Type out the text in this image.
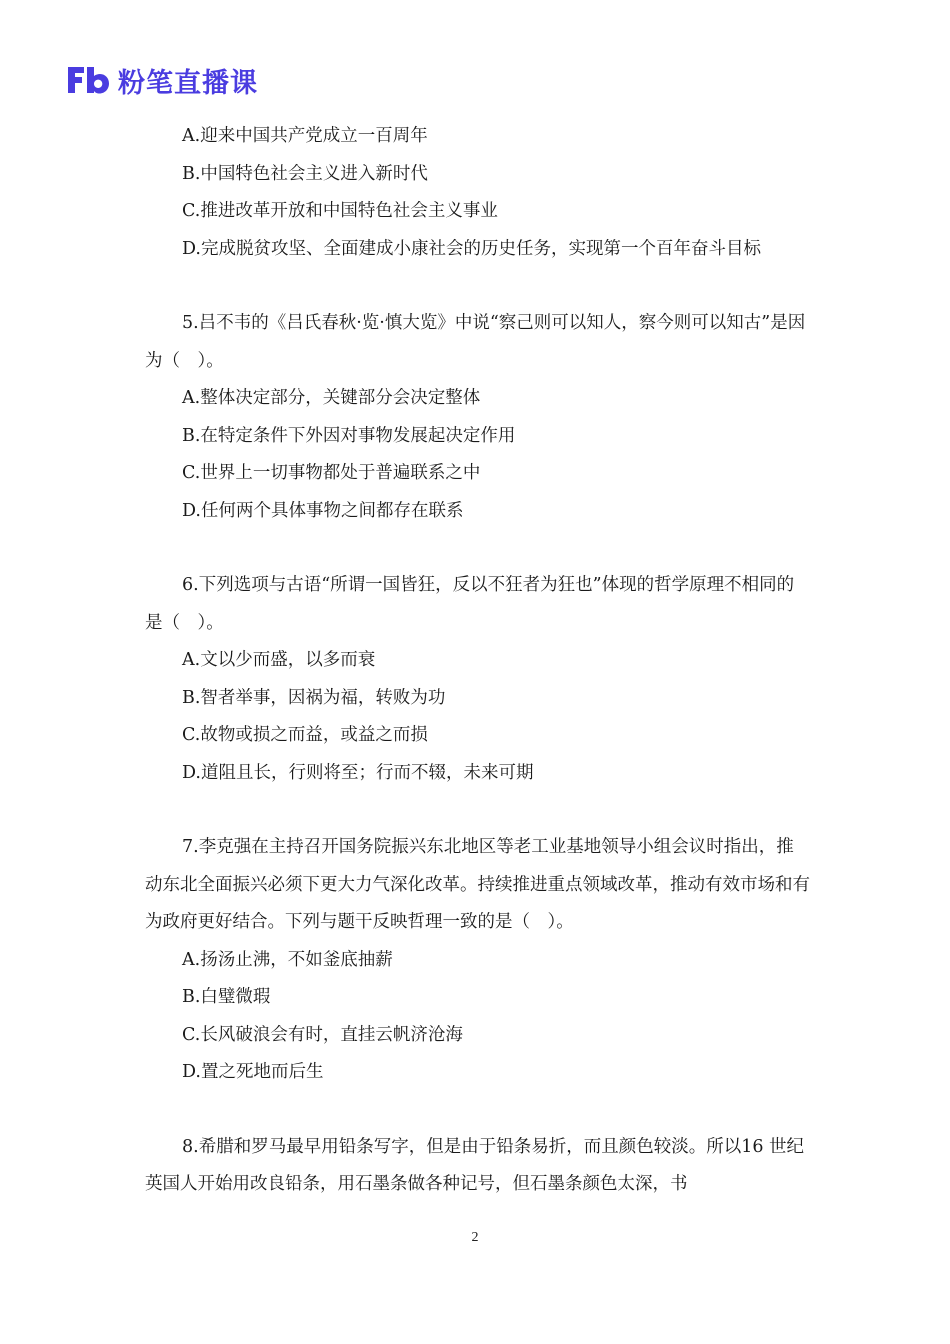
粉笔直播课
A.迎来中国共产党成立一百周年
B.中国特色社会主义进入新时代
C.推进改革开放和中国特色社会主义事业
D.完成脱贫攻坚、全面建成小康社会的历史任务，实现第一个百年奋斗目标
5.吕不韦的《吕氏春秋·览·慎大览》中说“察己则可以知人，察今则可以知古”是因为（　）。
A.整体决定部分，关键部分会决定整体
B.在特定条件下外因对事物发展起决定作用
C.世界上一切事物都处于普遍联系之中
D.任何两个具体事物之间都存在联系
6.下列选项与古语“所谓一国皆狂，反以不狂者为狂也”体现的哲学原理不相同的是（　）。
A.文以少而盛，以多而衰
B.智者举事，因祸为福，转败为功
C.故物或损之而益，或益之而损
D.道阻且长，行则将至；行而不辍，未来可期
7.李克强在主持召开国务院振兴东北地区等老工业基地领导小组会议时指出，推动东北全面振兴必须下更大力气深化改革。持续推进重点领域改革，推动有效市场和有为政府更好结合。下列与题干反映哲理一致的是（　）。
A.扬汤止沸，不如釜底抽薪
B.白璧微瑕
C.长风破浪会有时，直挂云帆济沧海
D.置之死地而后生
8.希腊和罗马最早用铅条写字，但是由于铅条易折，而且颜色较淡。所以16 世纪英国人开始用改良铅条，用石墨条做各种记号，但石墨条颜色太深，书
2
